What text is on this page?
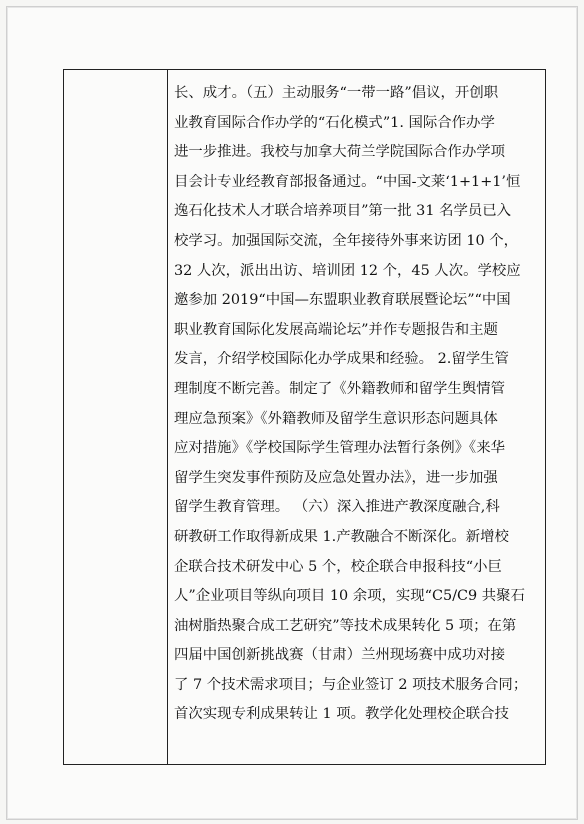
长、成才。（五）主动服务“一带一路”倡议，开创职
业教育国际合作办学的“石化模式”1. 国际合作办学
进一步推进。我校与加拿大荷兰学院国际合作办学项
目会计专业经教育部报备通过。“中国-文莱‘1+1+1’恒
逸石化技术人才联合培养项目”第一批 31 名学员已入
校学习。加强国际交流，全年接待外事来访团 10 个，
32 人次，派出出访、培训团 12 个，45 人次。学校应
邀参加 2019“中国—东盟职业教育联展暨论坛”“中国
职业教育国际化发展高端论坛”并作专题报告和主题
发言，介绍学校国际化办学成果和经验。 2.留学生管
理制度不断完善。制定了《外籍教师和留学生舆情管
理应急预案》《外籍教师及留学生意识形态问题具体
应对措施》《学校国际学生管理办法暂行条例》《来华
留学生突发事件预防及应急处置办法》，进一步加强
留学生教育管理。 （六）深入推进产教深度融合,科
研教研工作取得新成果 1.产教融合不断深化。新增校
企联合技术研发中心 5 个，校企联合申报科技“小巨
人”企业项目等纵向项目 10 余项，实现“C5/C9 共聚石
油树脂热聚合成工艺研究”等技术成果转化 5 项；在第
四届中国创新挑战赛（甘肃）兰州现场赛中成功对接
了 7 个技术需求项目；与企业签订 2 项技术服务合同；
首次实现专利成果转让 1 项。教学化处理校企联合技
